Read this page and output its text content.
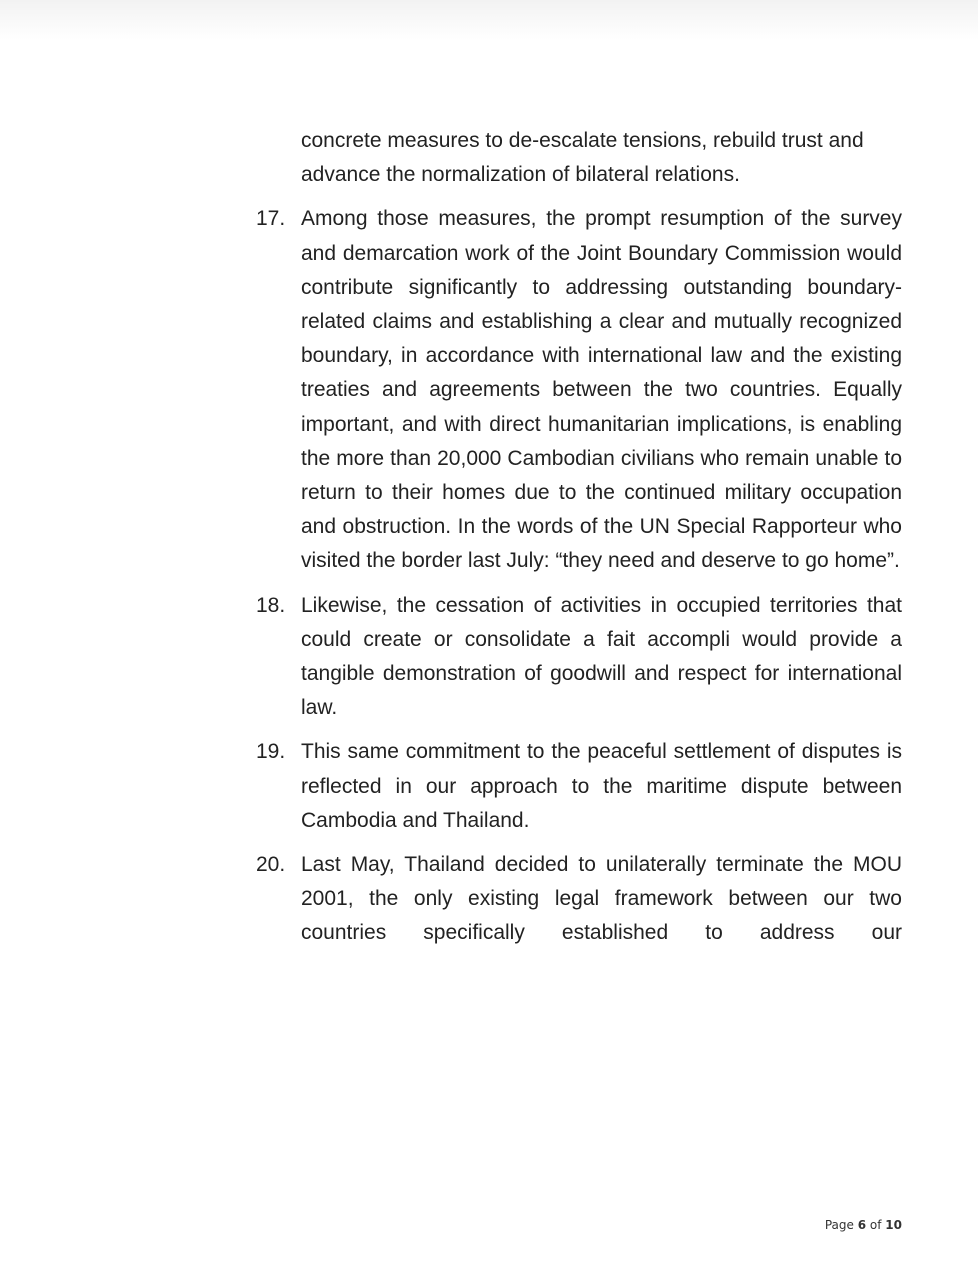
concrete measures to de-escalate tensions, rebuild trust and advance the normalization of bilateral relations.

17. Among those measures, the prompt resumption of the survey and demarcation work of the Joint Boundary Commission would contribute significantly to addressing outstanding boundary-related claims and establishing a clear and mutually recognized boundary, in accordance with international law and the existing treaties and agreements between the two countries. Equally important, and with direct humanitarian implications, is enabling the more than 20,000 Cambodian civilians who remain unable to return to their homes due to the continued military occupation and obstruction. In the words of the UN Special Rapporteur who visited the border last July: “they need and deserve to go home”.

18. Likewise, the cessation of activities in occupied territories that could create or consolidate a fait accompli would provide a tangible demonstration of goodwill and respect for international law.

19. This same commitment to the peaceful settlement of disputes is reflected in our approach to the maritime dispute between Cambodia and Thailand.

20. Last May, Thailand decided to unilaterally terminate the MOU 2001, the only existing legal framework between our two countries specifically established to address our

Page 6 of 10
